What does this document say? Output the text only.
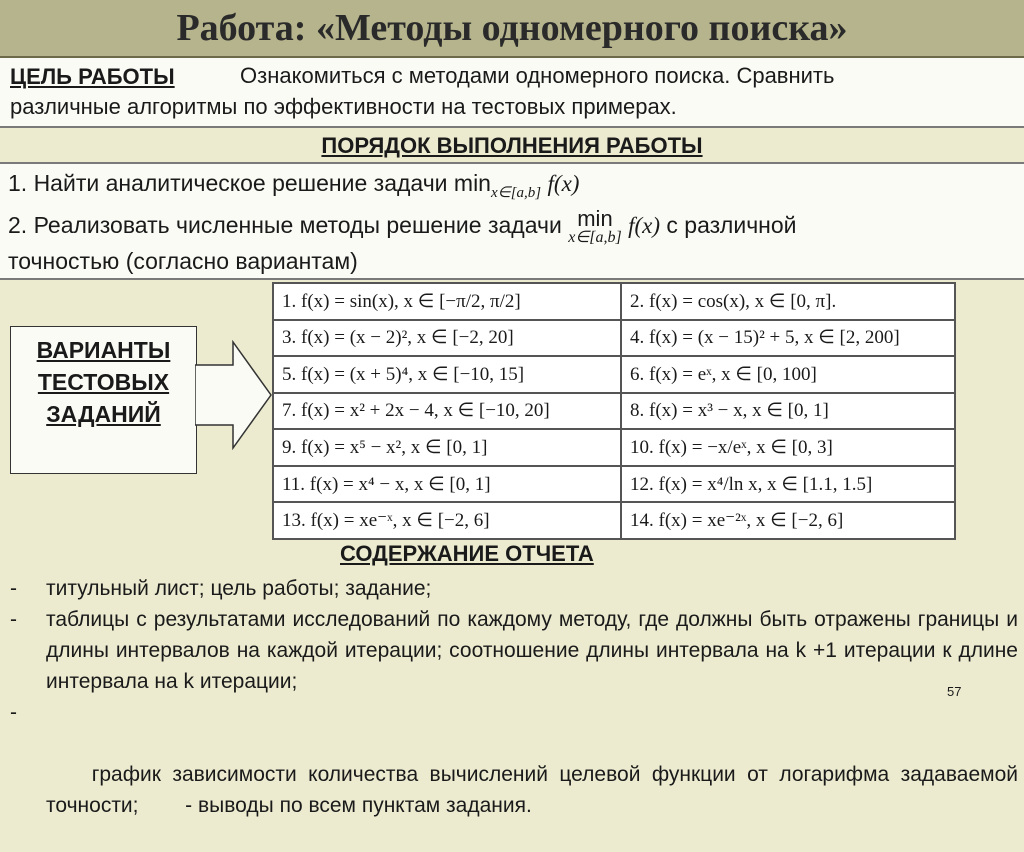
Работа: «Методы одномерного поиска»
ЦЕЛЬ РАБОТЫ	Ознакомиться с методами одномерного поиска. Сравнить
различные алгоритмы по эффективности на тестовых примерах.
ПОРЯДОК ВЫПОЛНЕНИЯ РАБОТЫ
1. Найти аналитическое решение задачи $\min_{x\in[a,b]} f(x)$
2. Реализовать численные методы решение задачи min
x∈[a,b] f(x) с различной
точностью (согласно вариантам)
ВАРИАНТЫ
ТЕСТОВЫХ
ЗАДАНИЙ
1. f(x) = sin(x), x ∈ [−π/2, π/2]	2. f(x) = cos(x), x ∈ [0, π].
3. f(x) = (x − 2)², x ∈ [−2, 20]	4. f(x) = (x − 15)² + 5, x ∈ [2, 200]
5. f(x) = (x + 5)⁴, x ∈ [−10, 15]	6. f(x) = eˣ, x ∈ [0, 100]
7. f(x) = x² + 2x − 4, x ∈ [−10, 20]	8. f(x) = x³ − x, x ∈ [0, 1]
9. f(x) = x⁵ − x², x ∈ [0, 1]	10. f(x) = −x/eˣ, x ∈ [0, 3]
11. f(x) = x⁴ − x, x ∈ [0, 1]	12. f(x) = x⁴/ln x, x ∈ [1.1, 1.5]
13. f(x) = xe⁻ˣ, x ∈ [−2, 6]	14. f(x) = xe⁻²ˣ, x ∈ [−2, 6]
СОДЕРЖАНИЕ ОТЧЕТА
- титульный лист; цель работы; задание;
- таблицы с результатами исследований по каждому методу, где должны быть отражены границы и длины интервалов на каждой итерации; соотношение длины интервала на k +1 итерации к длине интервала на k итерации;

-

график зависимости количества вычислений целевой функции от логарифма задаваемой точности;        - выводы по всем пунктам задания.

57
